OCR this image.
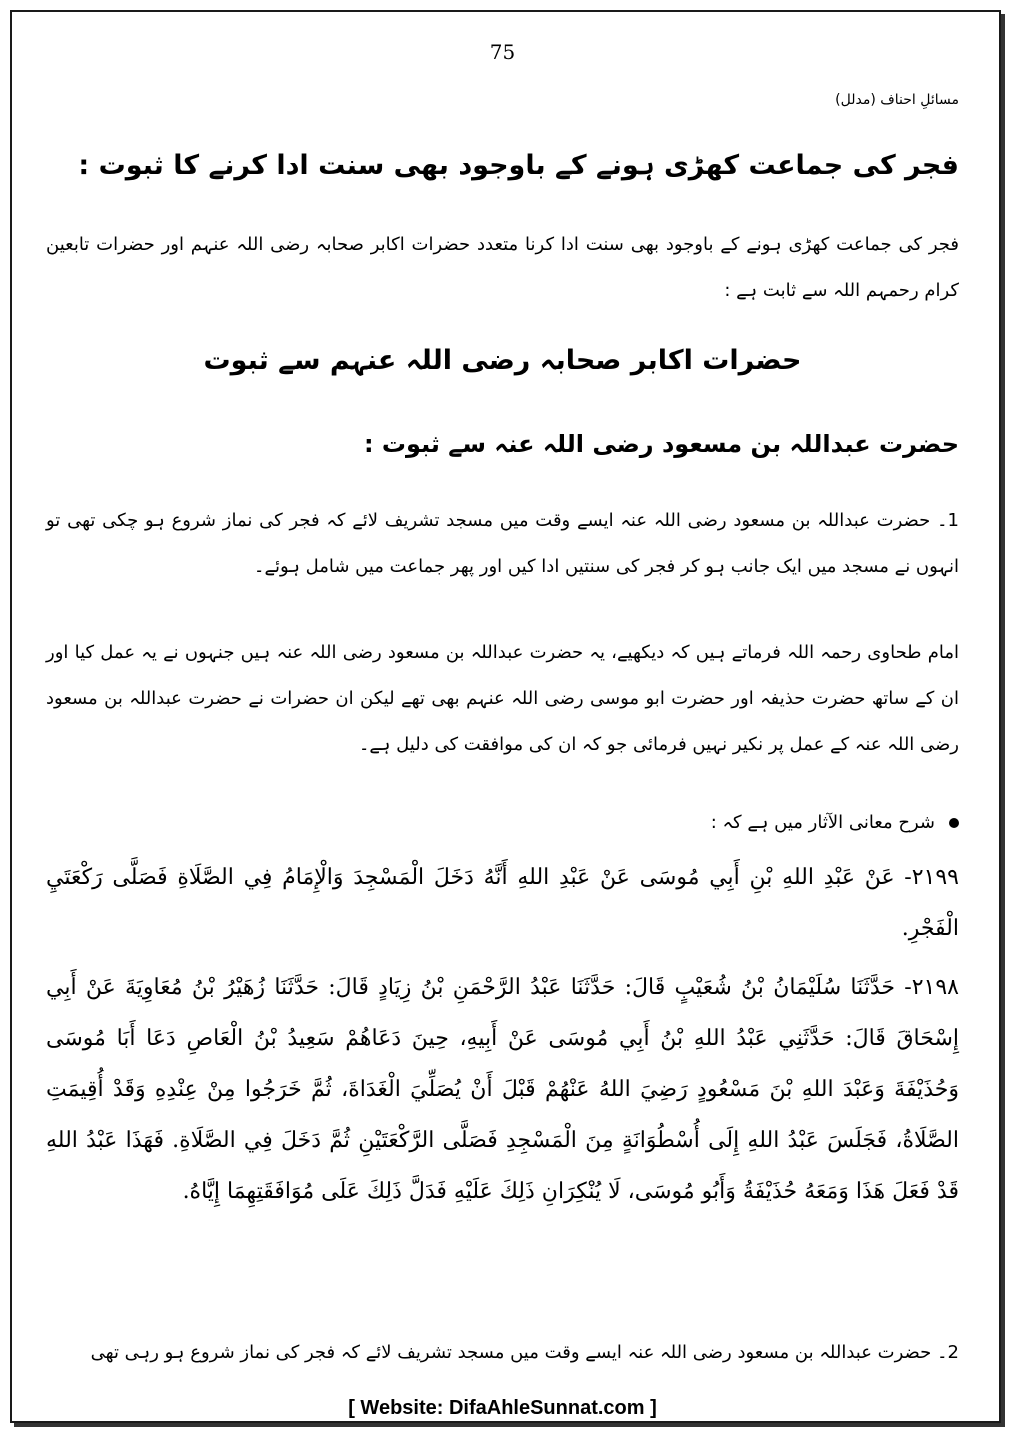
75
مسائلِ احناف (مدلل)
فجر کی جماعت کھڑی ہونے کے باوجود بھی سنت ادا کرنے کا ثبوت :
فجر کی جماعت کھڑی ہونے کے باوجود بھی سنت ادا کرنا متعدد حضرات اکابر صحابہ رضی اللہ عنہم اور حضرات تابعین کرام رحمہم اللہ سے ثابت ہے :
حضرات اکابر صحابہ رضی اللہ عنہم سے ثبوت
حضرت عبداللہ بن مسعود رضی اللہ عنہ سے ثبوت :
1۔ حضرت عبداللہ بن مسعود رضی اللہ عنہ ایسے وقت میں مسجد تشریف لائے کہ فجر کی نماز شروع ہو چکی تھی تو انہوں نے مسجد میں ایک جانب ہو کر فجر کی سنتیں ادا کیں اور پھر جماعت میں شامل ہوئے۔
امام طحاوی رحمہ اللہ فرماتے ہیں کہ دیکھیے، یہ حضرت عبداللہ بن مسعود رضی اللہ عنہ ہیں جنہوں نے یہ عمل کیا اور ان کے ساتھ حضرت حذیفہ اور حضرت ابو موسی رضی اللہ عنہم بھی تھے لیکن ان حضرات نے حضرت عبداللہ بن مسعود رضی اللہ عنہ کے عمل پر نکیر نہیں فرمائی جو کہ ان کی موافقت کی دلیل ہے۔
شرح معانی الآثار میں ہے کہ :
٢١٩٩- عَنْ عَبْدِ اللهِ بْنِ أَبِي مُوسَى عَنْ عَبْدِ اللهِ أَنَّهُ دَخَلَ الْمَسْجِدَ وَالْإِمَامُ فِي الصَّلَاةِ فَصَلَّى رَكْعَتَيِ الْفَجْرِ.
٢١٩٨- حَدَّثَنَا سُلَيْمَانُ بْنُ شُعَيْبٍ قَالَ: حَدَّثَنَا عَبْدُ الرَّحْمَنِ بْنُ زِيَادٍ قَالَ: حَدَّثَنَا زُهَيْرُ بْنُ مُعَاوِيَةَ عَنْ أَبِي إِسْحَاقَ قَالَ: حَدَّثَنِي عَبْدُ اللهِ بْنُ أَبِي مُوسَى عَنْ أَبِيهِ، حِينَ دَعَاهُمْ سَعِيدُ بْنُ الْعَاصِ دَعَا أَبَا مُوسَى وَحُذَيْفَةَ وَعَبْدَ اللهِ بْنَ مَسْعُودٍ رَضِيَ اللهُ عَنْهُمْ قَبْلَ أَنْ يُصَلِّيَ الْغَدَاةَ، ثُمَّ خَرَجُوا مِنْ عِنْدِهِ وَقَدْ أُقِيمَتِ الصَّلَاةُ، فَجَلَسَ عَبْدُ اللهِ إِلَى أُسْطُوَانَةٍ مِنَ الْمَسْجِدِ فَصَلَّى الرَّكْعَتَيْنِ ثُمَّ دَخَلَ فِي الصَّلَاةِ. فَهَذَا عَبْدُ اللهِ قَدْ فَعَلَ هَذَا وَمَعَهُ حُذَيْفَةُ وَأَبُو مُوسَى، لَا يُنْكِرَانِ ذَلِكَ عَلَيْهِ فَدَلَّ ذَلِكَ عَلَى مُوَافَقَتِهِمَا إِيَّاهُ.
2۔ حضرت عبداللہ بن مسعود رضی اللہ عنہ ایسے وقت میں مسجد تشریف لائے کہ فجر کی نماز شروع ہو رہی تھی
[ Website: DifaAhleSunnat.com ]
